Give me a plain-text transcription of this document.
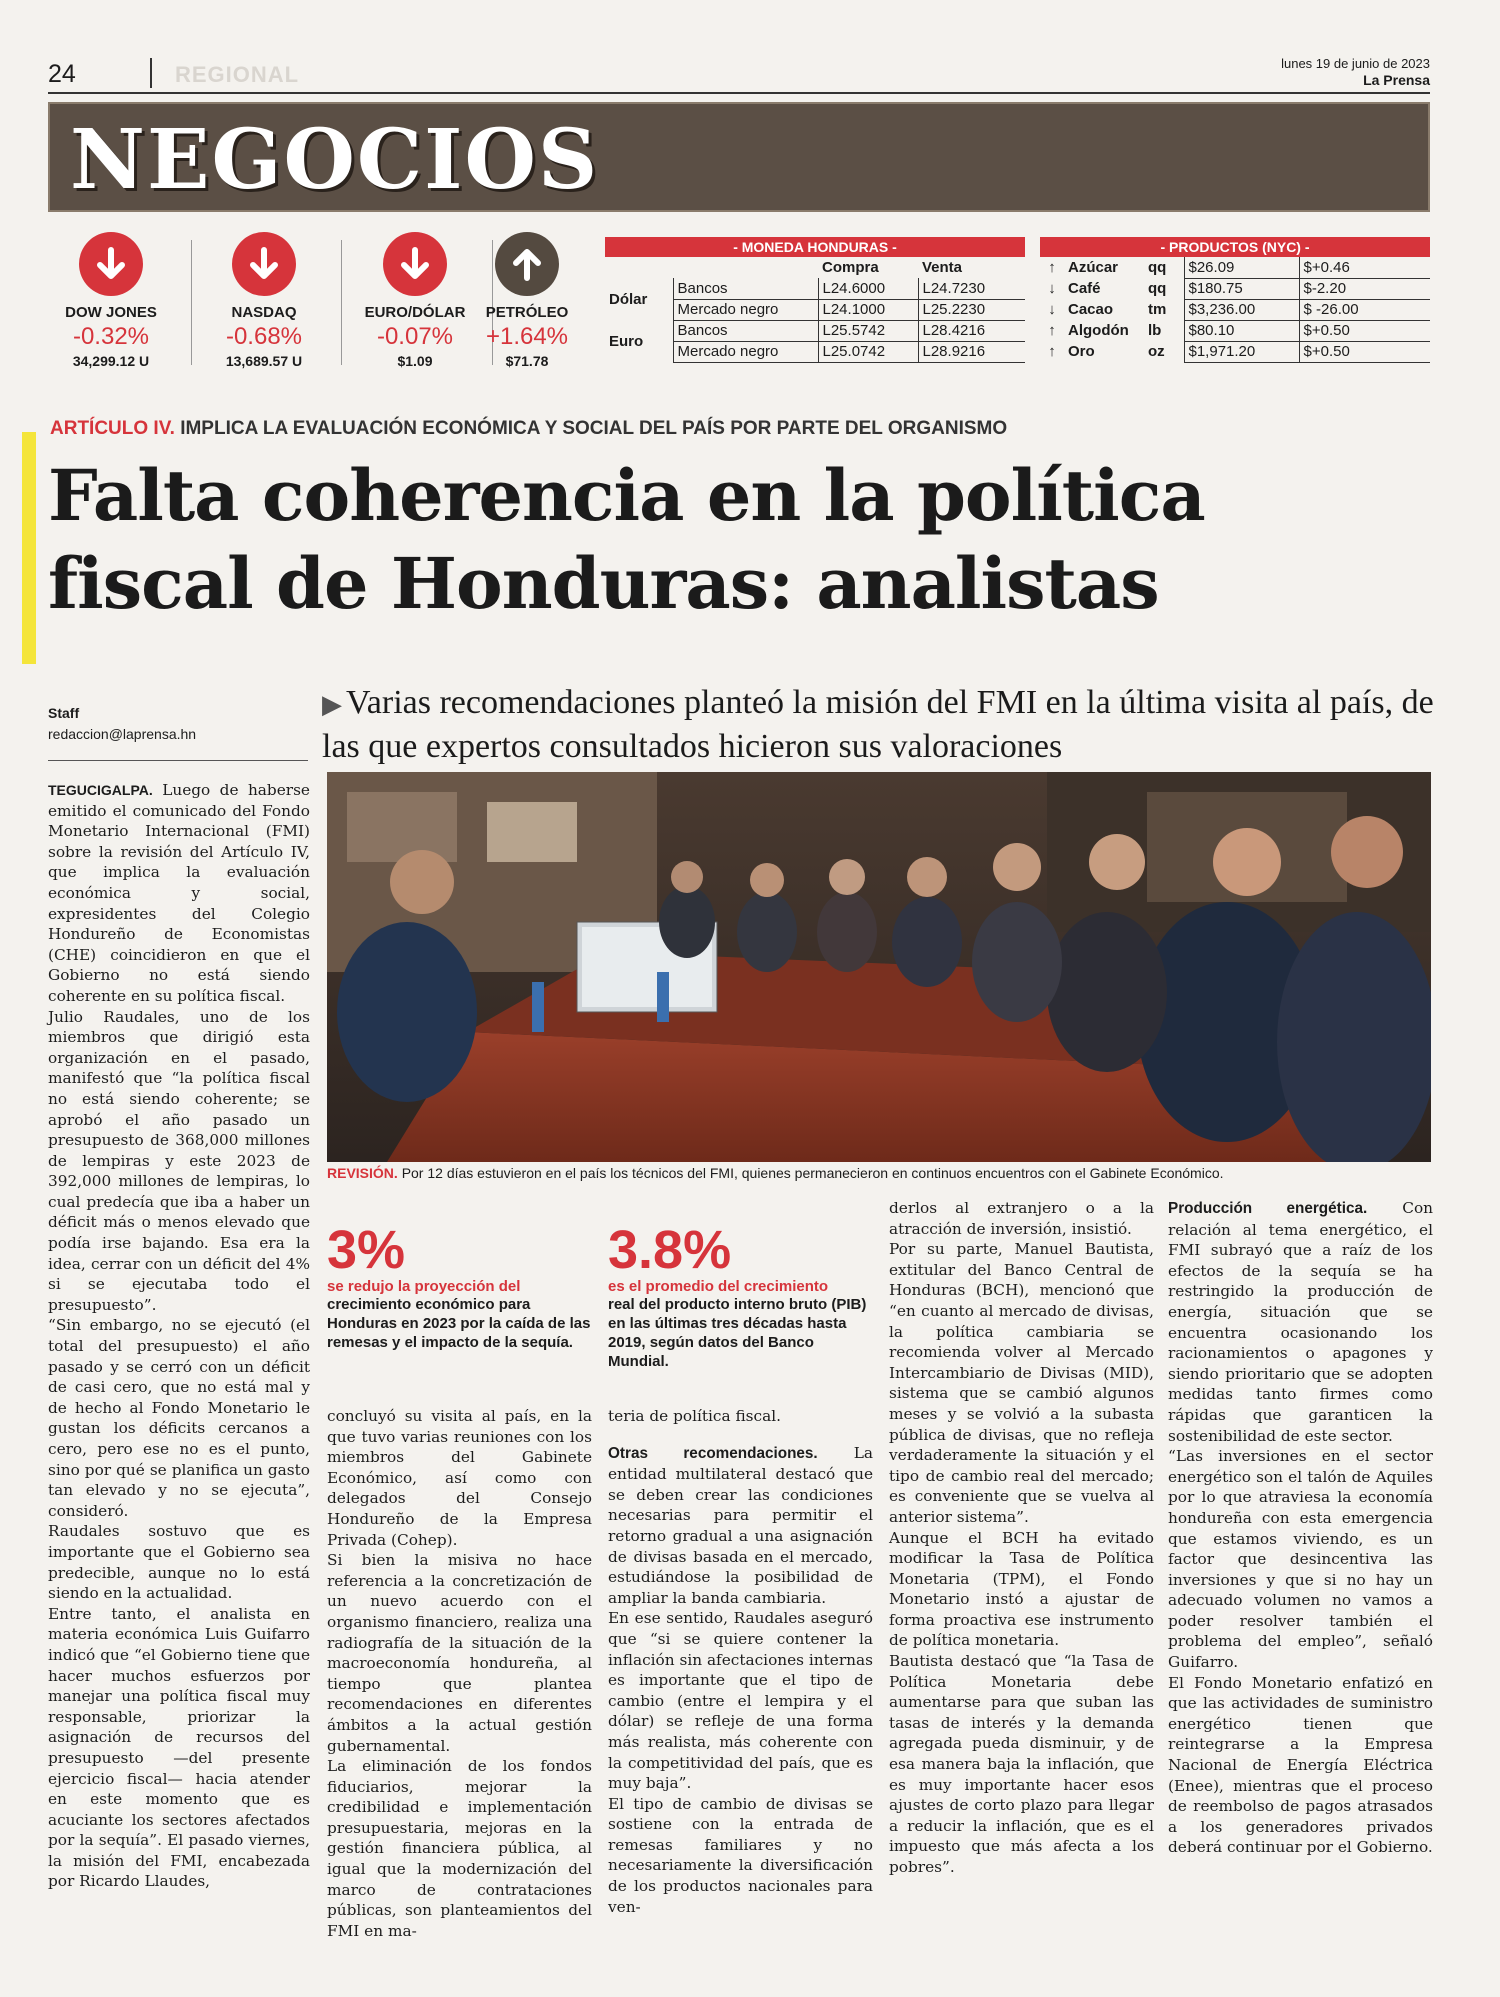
24	REGIONAL	lunes 19 de junio de 2023
La Prensa
NEGOCIOS
DOW JONES
-0.32%
34,299.12 U
NASDAQ
-0.68%
13,689.57 U
EURO/DÓLAR
-0.07%
$1.09
PETRÓLEO
+1.64%
$71.78
- MONEDA HONDURAS -
		Compra	Venta
Dólar	Bancos	L24.6000	L24.7230
	Mercado negro	L24.1000	L25.2230
Euro	Bancos	L25.5742	L28.4216
	Mercado negro	L25.0742	L28.9216
- PRODUCTOS (NYC) -
↑	Azúcar	qq	$26.09	$+0.46
↓	Café	qq	$180.75	$-2.20
↓	Cacao	tm	$3,236.00	$ -26.00
↑	Algodón	lb	$80.10	$+0.50
↑	Oro	oz	$1,971.20	$+0.50
ARTÍCULO IV. IMPLICA LA EVALUACIÓN ECONÓMICA Y SOCIAL DEL PAÍS POR PARTE DEL ORGANISMO
Falta coherencia en la política
fiscal de Honduras: analistas
Staff
redaccion@laprensa.hn
▶ Varias recomendaciones planteó la misión del FMI en la última visita al país, de las que expertos consultados hicieron sus valoraciones
REVISIÓN. Por 12 días estuvieron en el país los técnicos del FMI, quienes permanecieron en continuos encuentros con el Gabinete Económico.

TEGUCIGALPA. Luego de haberse emitido el comunicado del Fondo Monetario Internacional (FMI) sobre la revisión del Artículo IV, que implica la evaluación económica y social, expresidentes del Colegio Hondureño de Economistas (CHE) coincidieron en que el Gobierno no está siendo coherente en su política fiscal.

Julio Raudales, uno de los miembros que dirigió esta organización en el pasado, manifestó que “la política fiscal no está siendo coherente; se aprobó el año pasado un presupuesto de 368,000 millones de lempiras y este 2023 de 392,000 millones de lempiras, lo cual predecía que iba a haber un déficit más o menos elevado que podía irse bajando. Esa era la idea, cerrar con un déficit del 4% si se ejecutaba todo el presupuesto”.

“Sin embargo, no se ejecutó (el total del presupuesto) el año pasado y se cerró con un déficit de casi cero, que no está mal y de hecho al Fondo Monetario le gustan los déficits cercanos a cero, pero ese no es el punto, sino por qué se planifica un gasto tan elevado y no se ejecuta”, consideró.

Raudales sostuvo que es importante que el Gobierno sea predecible, aunque no lo está siendo en la actualidad.

Entre tanto, el analista en materia económica Luis Guifarro indicó que “el Gobierno tiene que hacer muchos esfuerzos por manejar una política fiscal muy responsable, priorizar la asignación de recursos del presupuesto —del presente ejercicio fiscal— hacia atender en este momento que es acuciante los sectores afectados por la sequía”. El pasado viernes, la misión del FMI, encabezada por Ricardo Llaudes,

3%
se redujo la proyección del
crecimiento económico para Honduras en 2023 por la caída de las remesas y el impacto de la sequía.
3.8%
es el promedio del crecimiento
real del producto interno bruto (PIB) en las últimas tres décadas hasta 2019, según datos del Banco Mundial.

concluyó su visita al país, en la que tuvo varias reuniones con los miembros del Gabinete Económico, así como con delegados del Consejo Hondureño de la Empresa Privada (Cohep).

Si bien la misiva no hace referencia a la concretización de un nuevo acuerdo con el organismo financiero, realiza una radiografía de la situación de la macroeconomía hondureña, al tiempo que plantea recomendaciones en diferentes ámbitos a la actual gestión gubernamental.

La eliminación de los fondos fiduciarios, mejorar la credibilidad e implementación presupuestaria, mejoras en la gestión financiera pública, al igual que la modernización del marco de contrataciones públicas, son planteamientos del FMI en ma-

teria de política fiscal.

Otras recomendaciones. La entidad multilateral destacó que se deben crear las condiciones necesarias para permitir el retorno gradual a una asignación de divisas basada en el mercado, estudiándose la posibilidad de ampliar la banda cambiaria.

En ese sentido, Raudales aseguró que “si se quiere contener la inflación sin afectaciones internas es importante que el tipo de cambio (entre el lempira y el dólar) se refleje de una forma más realista, más coherente con la competitividad del país, que es muy baja”.

El tipo de cambio de divisas se sostiene con la entrada de remesas familiares y no necesariamente la diversificación de los productos nacionales para ven-

derlos al extranjero o a la atracción de inversión, insistió.

Por su parte, Manuel Bautista, extitular del Banco Central de Honduras (BCH), mencionó que “en cuanto al mercado de divisas, la política cambiaria se recomienda volver al Mercado Intercambiario de Divisas (MID), sistema que se cambió algunos meses y se volvió a la subasta pública de divisas, que no refleja verdaderamente la situación y el tipo de cambio real del mercado; es conveniente que se vuelva al anterior sistema”.

Aunque el BCH ha evitado modificar la Tasa de Política Monetaria (TPM), el Fondo Monetario instó a ajustar de forma proactiva ese instrumento de política monetaria.

Bautista destacó que “la Tasa de Política Monetaria debe aumentarse para que suban las tasas de interés y la demanda agregada pueda disminuir, y de esa manera baja la inflación, que es muy importante hacer esos ajustes de corto plazo para llegar a reducir la inflación, que es el impuesto que más afecta a los pobres”.

Producción energética. Con relación al tema energético, el FMI subrayó que a raíz de los efectos de la sequía se ha restringido la producción de energía, situación que se encuentra ocasionando los racionamientos o apagones y siendo prioritario que se adopten medidas tanto firmes como rápidas que garanticen la sostenibilidad de este sector.

“Las inversiones en el sector energético son el talón de Aquiles por lo que atraviesa la economía hondureña con esta emergencia que estamos viviendo, es un factor que desincentiva las inversiones y que si no hay un adecuado volumen no vamos a poder resolver también el problema del empleo”, señaló Guifarro.

El Fondo Monetario enfatizó en que las actividades de suministro energético tienen que reintegrarse a la Empresa Nacional de Energía Eléctrica (Enee), mientras que el proceso de reembolso de pagos atrasados a los generadores privados deberá continuar por el Gobierno.
